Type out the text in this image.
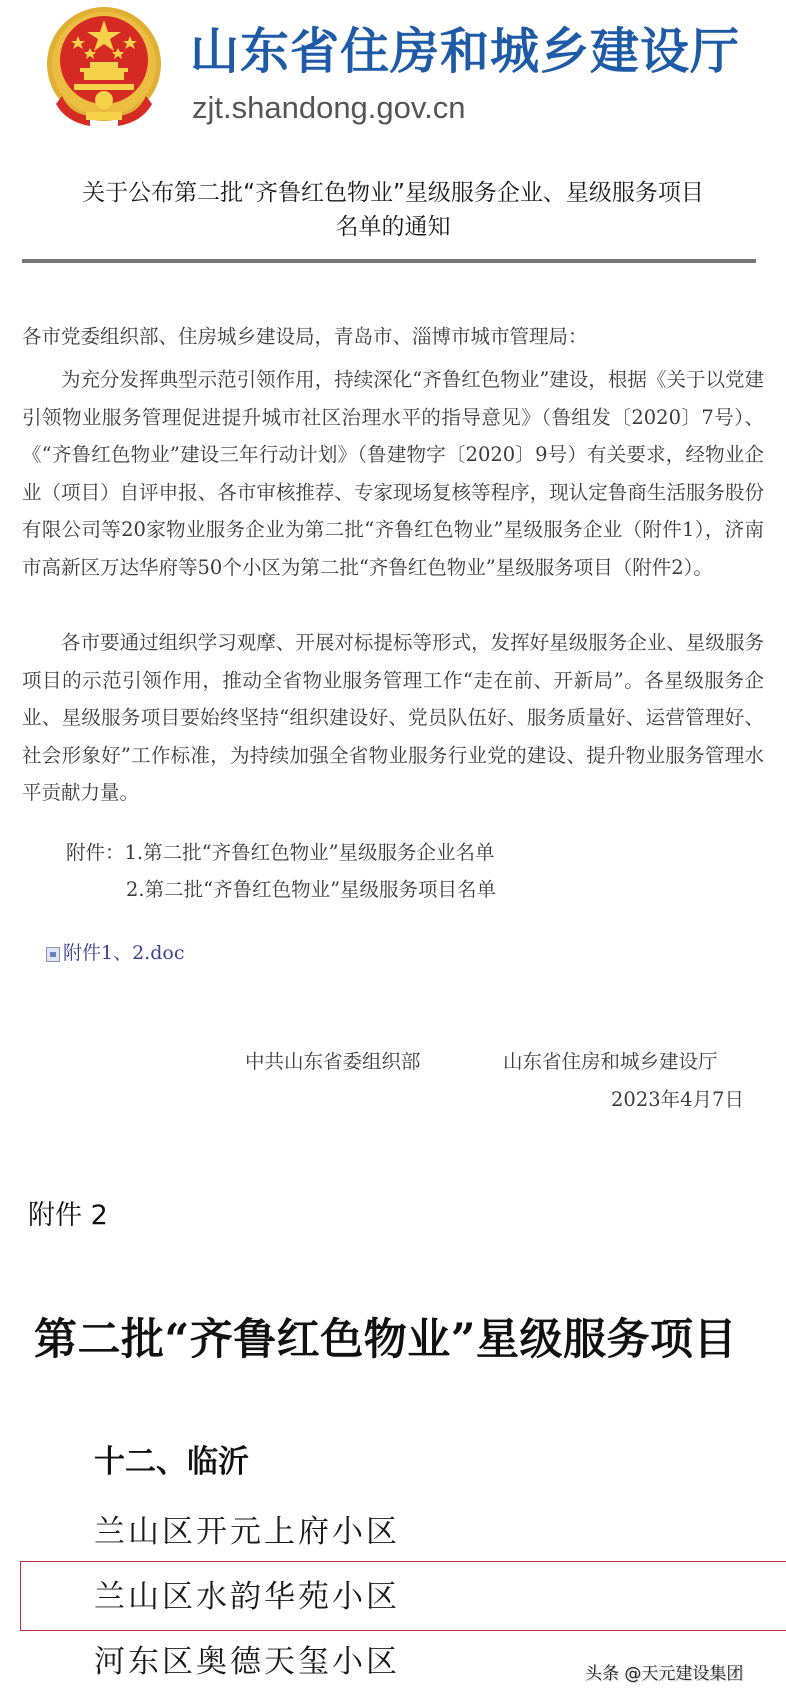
山东省住房和城乡建设厅
zjt.shandong.gov.cn
关于公布第二批“齐鲁红色物业”星级服务企业、星级服务项目
名单的通知

各市党委组织部、住房城乡建设局，青岛市、淄博市城市管理局：

为充分发挥典型示范引领作用，持续深化“齐鲁红色物业”建设，根据《关于以党建引领物业服务管理促进提升城市社区治理水平的指导意见》（鲁组发〔2020〕7号）、《“齐鲁红色物业”建设三年行动计划》（鲁建物字〔2020〕9号）有关要求，经物业企业（项目）自评申报、各市审核推荐、专家现场复核等程序，现认定鲁商生活服务股份有限公司等20家物业服务企业为第二批“齐鲁红色物业”星级服务企业（附件1），济南市高新区万达华府等50个小区为第二批“齐鲁红色物业”星级服务项目（附件2）。

各市要通过组织学习观摩、开展对标提标等形式，发挥好星级服务企业、星级服务项目的示范引领作用，推动全省物业服务管理工作“走在前、开新局”。各星级服务企业、星级服务项目要始终坚持“组织建设好、党员队伍好、服务质量好、运营管理好、社会形象好”工作标准，为持续加强全省物业服务行业党的建设、提升物业服务管理水平贡献力量。

附件：1.第二批“齐鲁红色物业”星级服务企业名单
2.第二批“齐鲁红色物业”星级服务项目名单
附件1、2.doc
中共山东省委组织部	山东省住房和城乡建设厅
2023年4月7日
附件 2
第二批“齐鲁红色物业”星级服务项目
十二、临沂
兰山区开元上府小区
兰山区水韵华苑小区
河东区奥德天玺小区	头条 @天元建设集团
